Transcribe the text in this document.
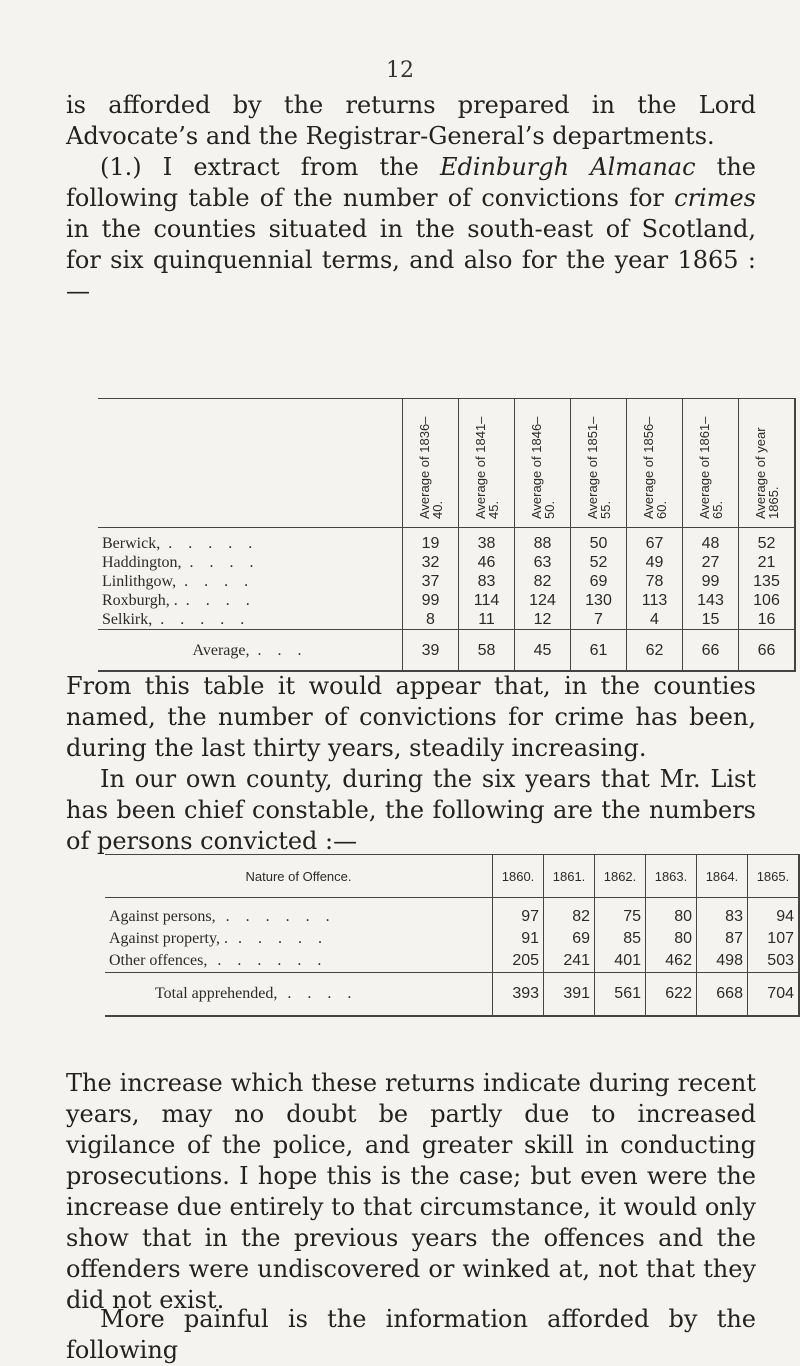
12

is afforded by the returns prepared in the Lord Advocate’s and the Registrar-General’s departments.

(1.) I extract from the Edinburgh Almanac the following table of the number of convictions for crimes in the counties situated in the south-east of Scotland, for six quinquennial terms, and also for the year 1865 :—

	Average of 1836–40.	Average of 1841–45.	Average of 1846–50.	Average of 1851–55.	Average of 1856–60.	Average of 1861–65.	Average of year 1865.

Berwick, . . . . .	19	38	88	50	67	48	52
Haddington, . . . .	32	46	63	52	49	27	21
Linlithgow, . . . .	37	83	82	69	78	99	135
Roxburgh, . . . . .	99	114	124	130	113	143	106
Selkirk, . . . . .	8	11	12	7	4	15	16
Average, . . .	39	58	45	61	62	66	66

From this table it would appear that, in the counties named, the number of convictions for crime has been, during the last thirty years, steadily increasing.

In our own county, during the six years that Mr. List has been chief constable, the following are the numbers of persons convicted :—

Nature of Offence.	1860.	1861.	1862.	1863.	1864.	1865.

Against persons, . . . . . .	97	82	75	80	83	94
Against property, . . . . . .	91	69	85	80	87	107
Other offences, . . . . . .	205	241	401	462	498	503
Total apprehended, . . . .	393	391	561	622	668	704

The increase which these returns indicate during recent years, may no doubt be partly due to increased vigilance of the police, and greater skill in conducting prosecutions. I hope this is the case; but even were the increase due entirely to that circumstance, it would only show that in the previous years the offences and the offenders were undiscovered or winked at, not that they did not exist.

More painful is the information afforded by the following
